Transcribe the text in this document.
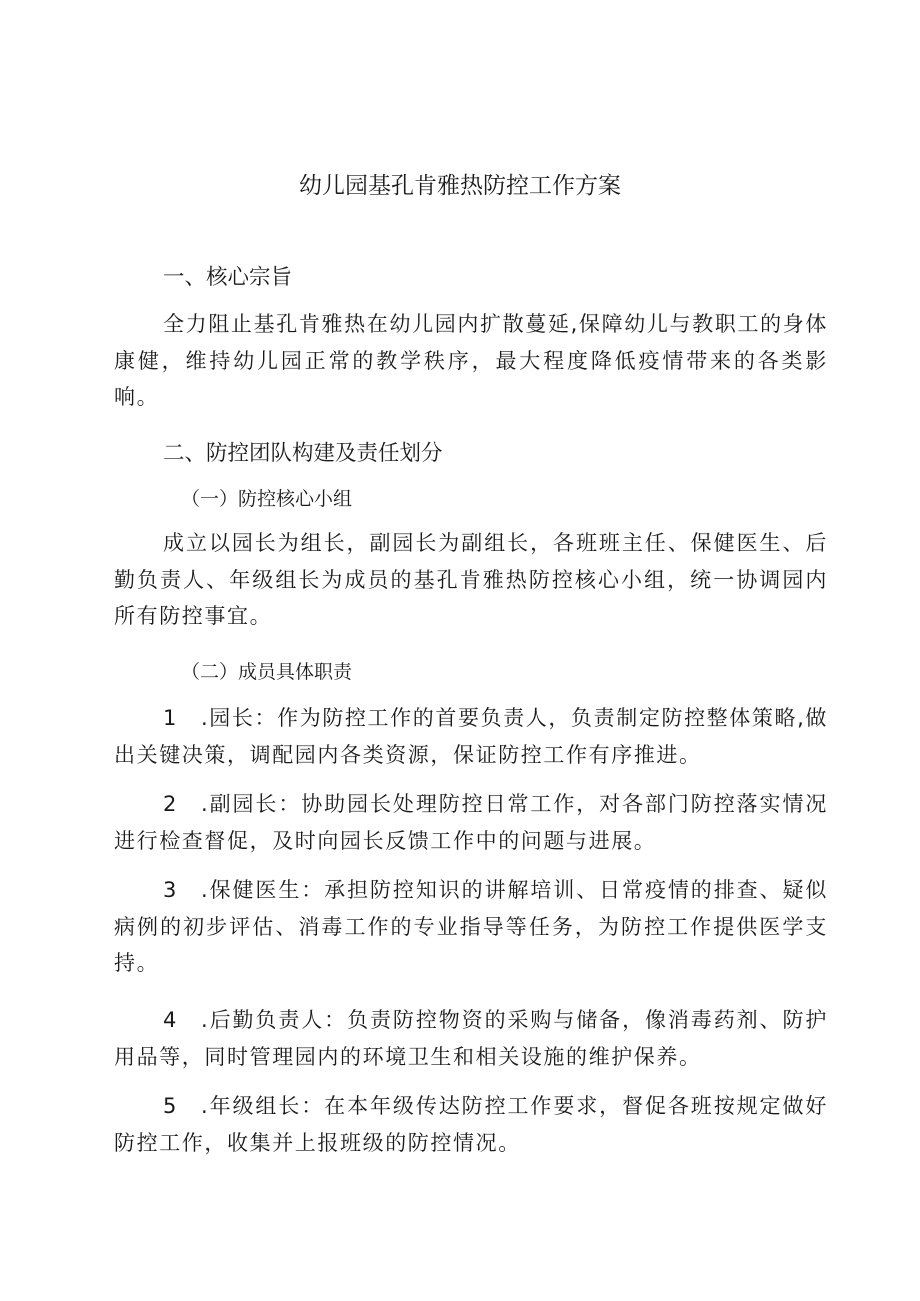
幼儿园基孔肯雅热防控工作方案
一、核心宗旨

全力阻止基孔肯雅热在幼儿园内扩散蔓延,保障幼儿与教职工的身体康健，维持幼儿园正常的教学秩序，最大程度降低疫情带来的各类影响。

二、防控团队构建及责任划分
（一）防控核心小组

成立以园长为组长，副园长为副组长，各班班主任、保健医生、后勤负责人、年级组长为成员的基孔肯雅热防控核心小组，统一协调园内所有防控事宜。

（二）成员具体职责

1 .园长：作为防控工作的首要负责人，负责制定防控整体策略,做出关键决策，调配园内各类资源，保证防控工作有序推进。

2 .副园长：协助园长处理防控日常工作，对各部门防控落实情况进行检查督促，及时向园长反馈工作中的问题与进展。

3 .保健医生：承担防控知识的讲解培训、日常疫情的排查、疑似病例的初步评估、消毒工作的专业指导等任务，为防控工作提供医学支持。

4 .后勤负责人：负责防控物资的采购与储备，像消毒药剂、防护用品等，同时管理园内的环境卫生和相关设施的维护保养。

5 .年级组长：在本年级传达防控工作要求，督促各班按规定做好防控工作，收集并上报班级的防控情况。
